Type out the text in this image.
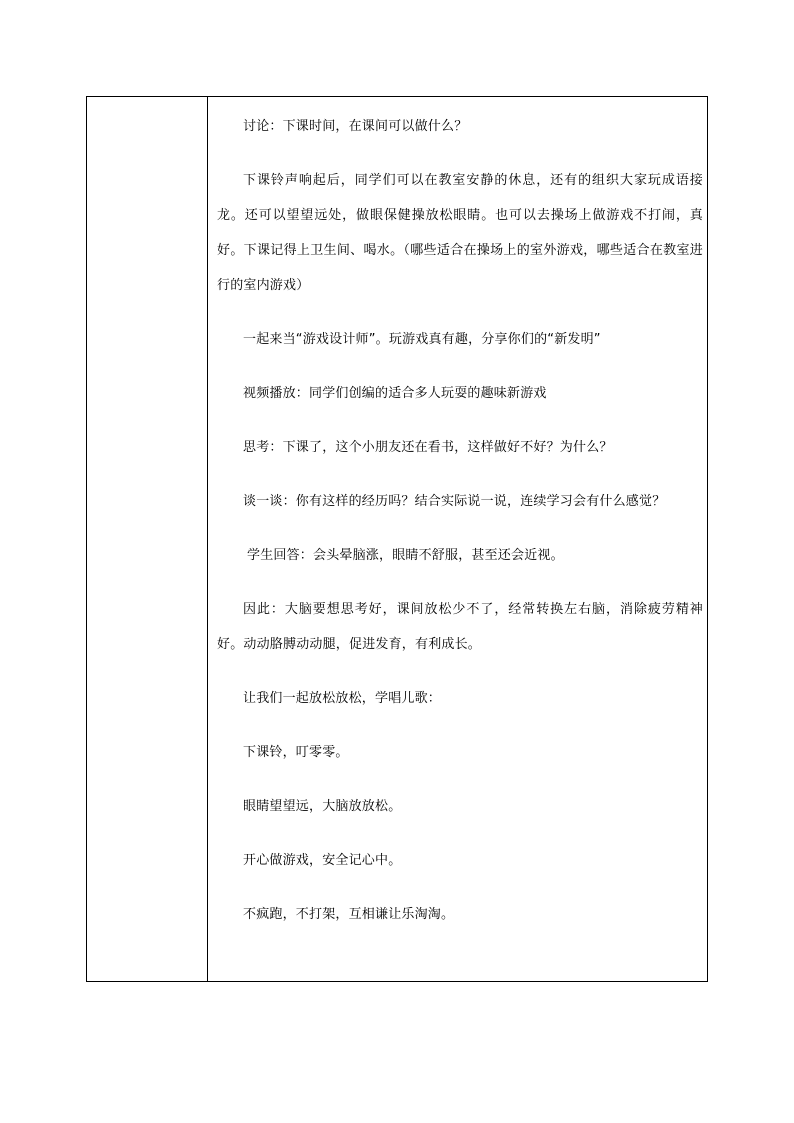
讨论：下课时间，在课间可以做什么？

下课铃声响起后，同学们可以在教室安静的休息，还有的组织大家玩成语接龙。还可以望望远处，做眼保健操放松眼睛。也可以去操场上做游戏不打闹，真好。下课记得上卫生间、喝水。（哪些适合在操场上的室外游戏，哪些适合在教室进行的室内游戏）

一起来当“游戏设计师”。玩游戏真有趣，分享你们的“新发明”

视频播放：同学们创编的适合多人玩耍的趣味新游戏

思考：下课了，这个小朋友还在看书，这样做好不好？为什么？

谈一谈：你有这样的经历吗？结合实际说一说，连续学习会有什么感觉？

学生回答：会头晕脑涨，眼睛不舒服，甚至还会近视。

因此：大脑要想思考好，课间放松少不了，经常转换左右脑，消除疲劳精神好。动动胳膊动动腿，促进发育，有利成长。

让我们一起放松放松，学唱儿歌：

下课铃，叮零零。

眼睛望望远，大脑放放松。

开心做游戏，安全记心中。

不疯跑，不打架，互相谦让乐淘淘。
